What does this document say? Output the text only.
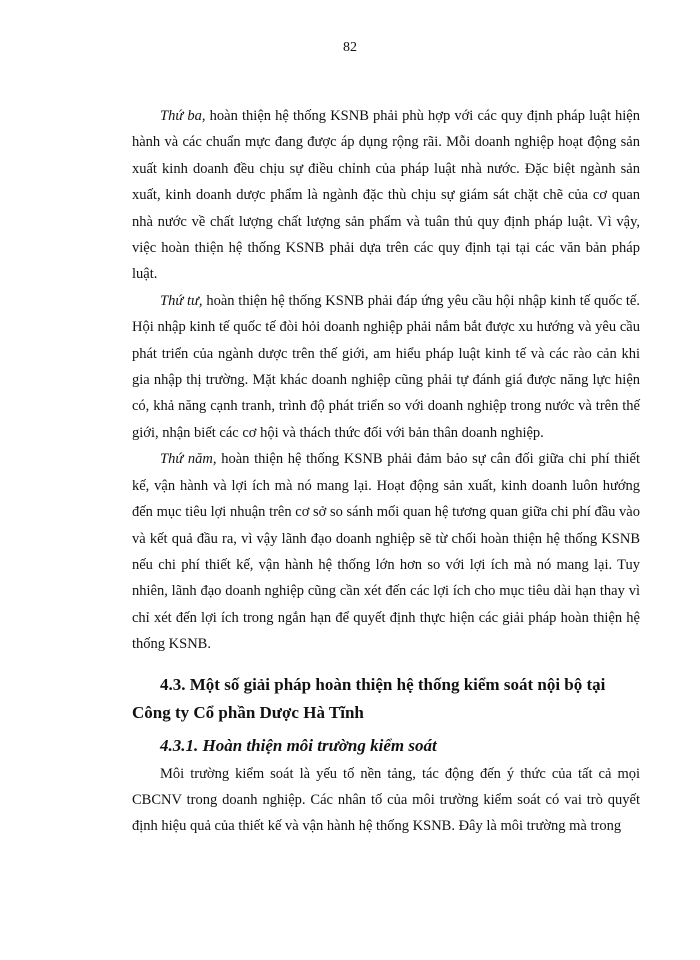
82

Thứ ba, hoàn thiện hệ thống KSNB phải phù hợp với các quy định pháp luật hiện hành và các chuẩn mực đang được áp dụng rộng rãi. Mỗi doanh nghiệp hoạt động sản xuất kinh doanh đều chịu sự điều chỉnh của pháp luật nhà nước. Đặc biệt ngành sản xuất, kinh doanh dược phẩm là ngành đặc thù chịu sự giám sát chặt chẽ của cơ quan nhà nước về chất lượng chất lượng sản phẩm và tuân thủ quy định pháp luật. Vì vậy, việc hoàn thiện hệ thống KSNB phải dựa trên các quy định tại tại các văn bản pháp luật.

Thứ tư, hoàn thiện hệ thống KSNB phải đáp ứng yêu cầu hội nhập kinh tế quốc tế. Hội nhập kinh tế quốc tế đòi hỏi doanh nghiệp phải nắm bắt được xu hướng và yêu cầu phát triển của ngành dược trên thế giới, am hiểu pháp luật kinh tế và các rào cản khi gia nhập thị trường. Mặt khác doanh nghiệp cũng phải tự đánh giá được năng lực hiện có, khả năng cạnh tranh, trình độ phát triển so với doanh nghiệp trong nước và trên thế giới, nhận biết các cơ hội và thách thức đối với bản thân doanh nghiệp.

Thứ năm, hoàn thiện hệ thống KSNB phải đảm bảo sự cân đối giữa chi phí thiết kế, vận hành và lợi ích mà nó mang lại. Hoạt động sản xuất, kinh doanh luôn hướng đến mục tiêu lợi nhuận trên cơ sở so sánh mối quan hệ tương quan giữa chi phí đầu vào và kết quả đầu ra, vì vậy lãnh đạo doanh nghiệp sẽ từ chối hoàn thiện hệ thống KSNB nếu chi phí thiết kế, vận hành hệ thống lớn hơn so với lợi ích mà nó mang lại. Tuy nhiên, lãnh đạo doanh nghiệp cũng cần xét đến các lợi ích cho mục tiêu dài hạn thay vì chỉ xét đến lợi ích trong ngắn hạn để quyết định thực hiện các giải pháp hoàn thiện hệ thống KSNB.

4.3. Một số giải pháp hoàn thiện hệ thống kiểm soát nội bộ tại Công ty Cổ phần Dược Hà Tĩnh
4.3.1. Hoàn thiện môi trường kiểm soát

Môi trường kiểm soát là yếu tố nền tảng, tác động đến ý thức của tất cả mọi CBCNV trong doanh nghiệp. Các nhân tố của môi trường kiểm soát có vai trò quyết định hiệu quả của thiết kế và vận hành hệ thống KSNB. Đây là môi trường mà trong
